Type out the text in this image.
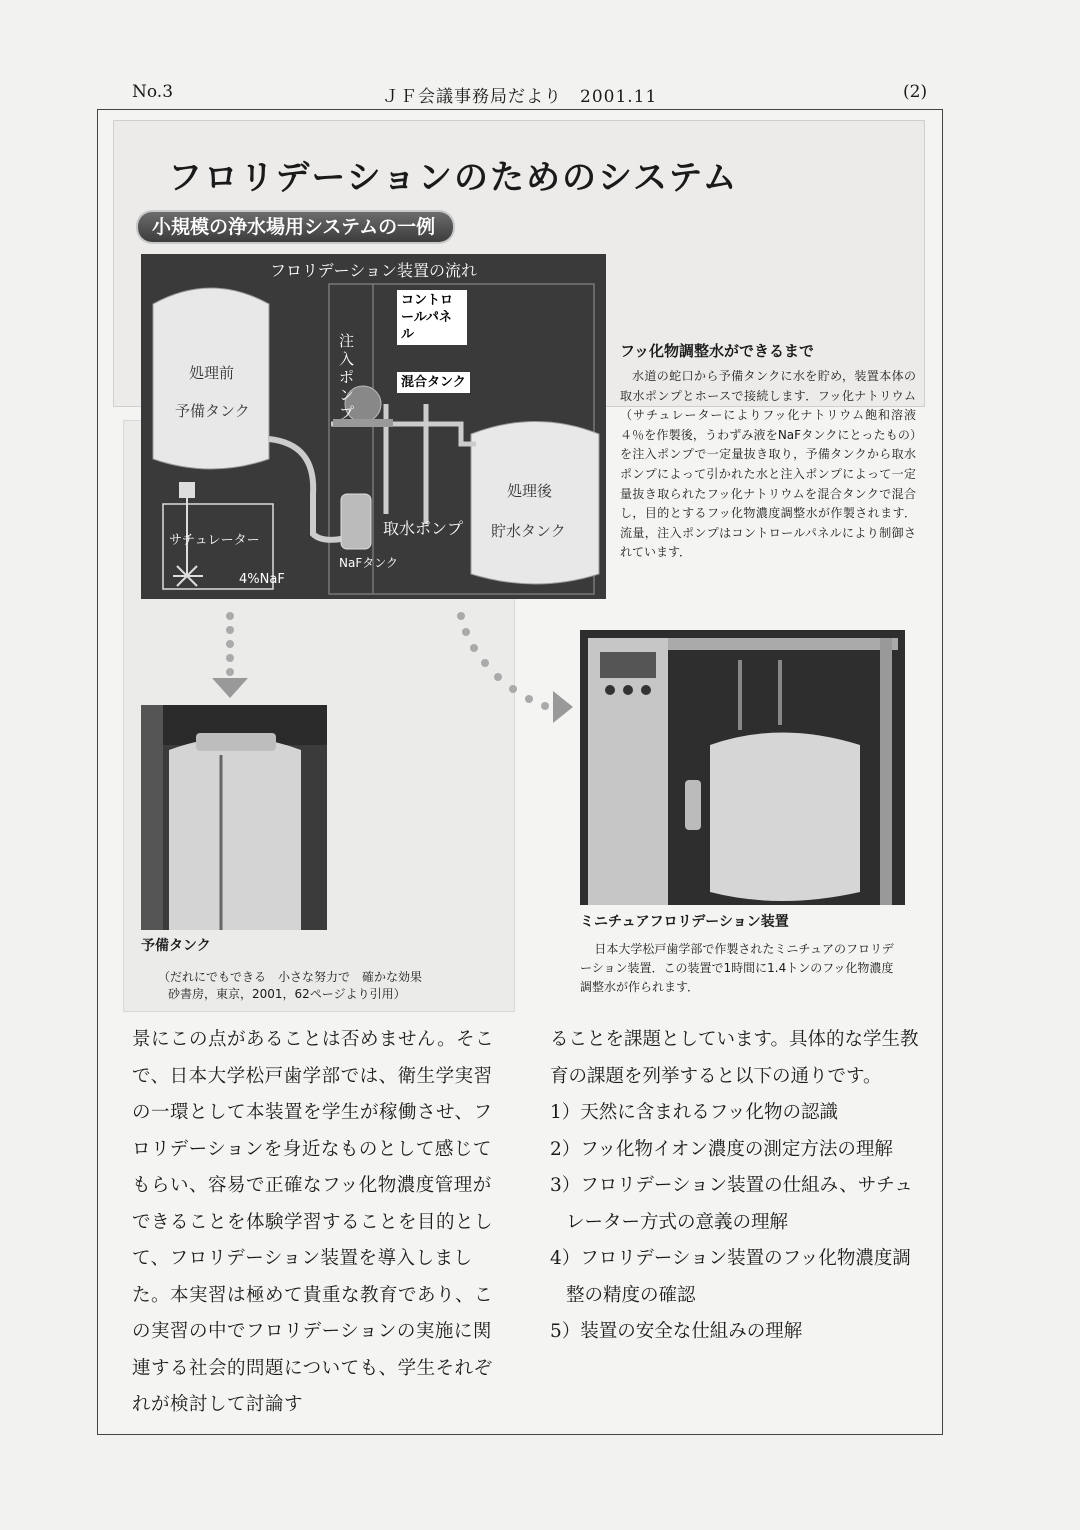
No.3	ＪＦ会議事務局だより　2001.11	(2)
フロリデーションのためのシステム
小規模の浄水場用システムの一例
フロリデーション装置の流れ
コントロールパネル
混合タンク
注入ポンプ
処理前
予備タンク
処理後
貯水タンク
取水ポンプ
NaFタンク
サチュレーター
4%NaF
フッ化物調整水ができるまで
水道の蛇口から予備タンクに水を貯め，装置本体の取水ポンプとホースで接続します．フッ化ナトリウム（サチュレーターによりフッ化ナトリウム飽和溶液４％を作製後，うわずみ液をNaFタンクにとったもの）を注入ポンプで一定量抜き取り，予備タンクから取水ポンプによって引かれた水と注入ポンプによって一定量抜き取られたフッ化ナトリウムを混合タンクで混合し，目的とするフッ化物濃度調整水が作製されます．流量，注入ポンプはコントロールパネルにより制御されています．
予備タンク
（だれにでもできる　小さな努力で　確かな効果
砂書房，東京，2001，62ページより引用）
ミニチュアフロリデーション装置
日本大学松戸歯学部で作製されたミニチュアのフロリデーション装置．この装置で1時間に1.4トンのフッ化物濃度調整水が作られます．
景にこの点があることは否めません。そこで、日本大学松戸歯学部では、衛生学実習の一環として本装置を学生が稼働させ、フロリデーションを身近なものとして感じてもらい、容易で正確なフッ化物濃度管理ができることを体験学習することを目的として、フロリデーション装置を導入しました。本実習は極めて貴重な教育であり、この実習の中でフロリデーションの実施に関連する社会的問題についても、学生それぞれが検討して討論す
ることを課題としています。具体的な学生教育の課題を列挙すると以下の通りです。
1）天然に含まれるフッ化物の認識
2）フッ化物イオン濃度の測定方法の理解
3）フロリデーション装置の仕組み、サチュレーター方式の意義の理解
4）フロリデーション装置のフッ化物濃度調整の精度の確認
5）装置の安全な仕組みの理解
